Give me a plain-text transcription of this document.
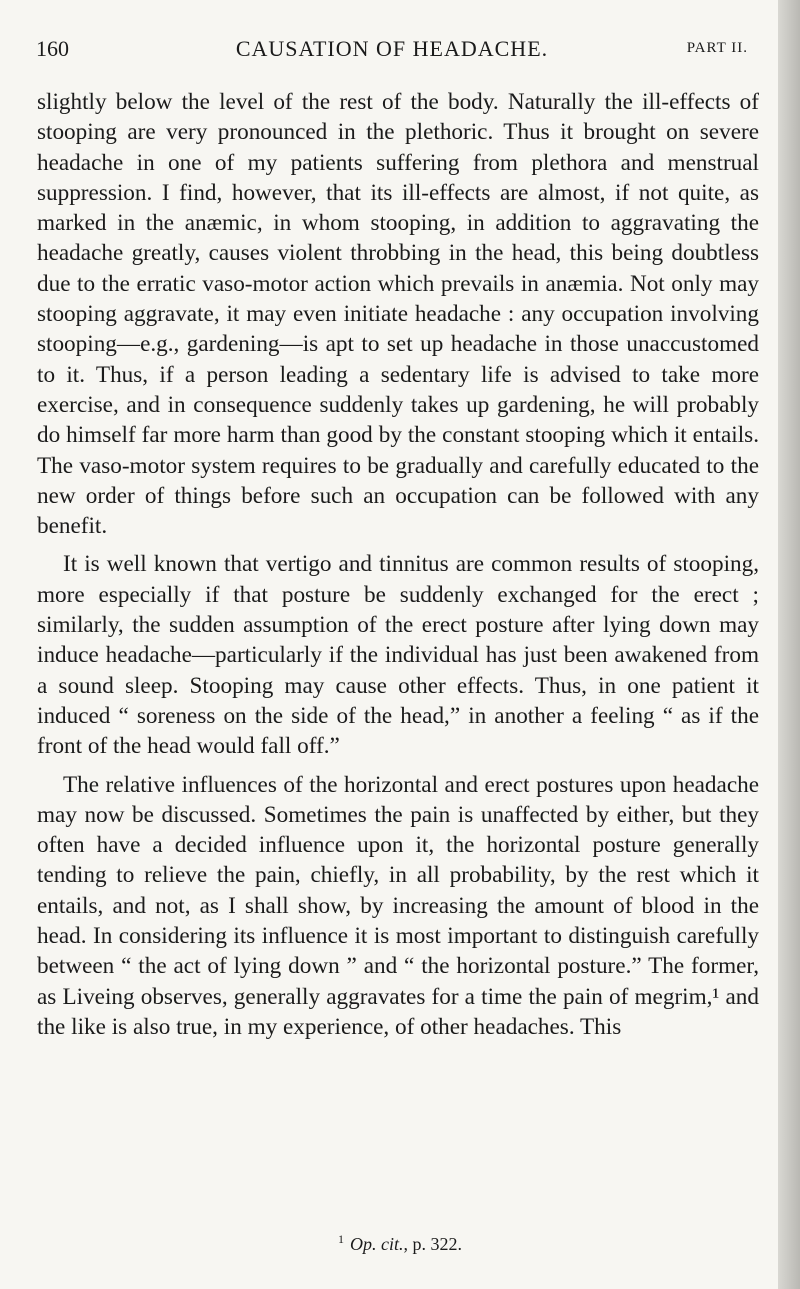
160	CAUSATION OF HEADACHE.	PART II.

slightly below the level of the rest of the body. Naturally the ill-effects of stooping are very pronounced in the plethoric. Thus it brought on severe headache in one of my patients suffering from plethora and menstrual suppression. I find, however, that its ill-effects are almost, if not quite, as marked in the anæmic, in whom stooping, in addition to aggravating the headache greatly, causes violent throbbing in the head, this being doubtless due to the erratic vaso-motor action which prevails in anæmia. Not only may stooping aggravate, it may even initiate headache : any occupation involving stooping—e.g., gardening—is apt to set up headache in those unaccustomed to it. Thus, if a person leading a sedentary life is advised to take more exercise, and in consequence suddenly takes up gardening, he will probably do himself far more harm than good by the constant stooping which it entails. The vaso-motor system requires to be gradually and carefully educated to the new order of things before such an occupation can be followed with any benefit.

It is well known that vertigo and tinnitus are common results of stooping, more especially if that posture be suddenly exchanged for the erect ; similarly, the sudden assumption of the erect posture after lying down may induce headache—particularly if the individual has just been awakened from a sound sleep. Stooping may cause other effects. Thus, in one patient it induced “ soreness on the side of the head,” in another a feeling “ as if the front of the head would fall off.”

The relative influences of the horizontal and erect postures upon headache may now be discussed. Sometimes the pain is unaffected by either, but they often have a decided influence upon it, the horizontal posture generally tending to relieve the pain, chiefly, in all probability, by the rest which it entails, and not, as I shall show, by increasing the amount of blood in the head. In considering its influence it is most important to distinguish carefully between “ the act of lying down ” and “ the horizontal posture.” The former, as Liveing observes, generally aggravates for a time the pain of megrim,¹ and the like is also true, in my experience, of other headaches. This

$^1$ Op. cit., p. 322.
